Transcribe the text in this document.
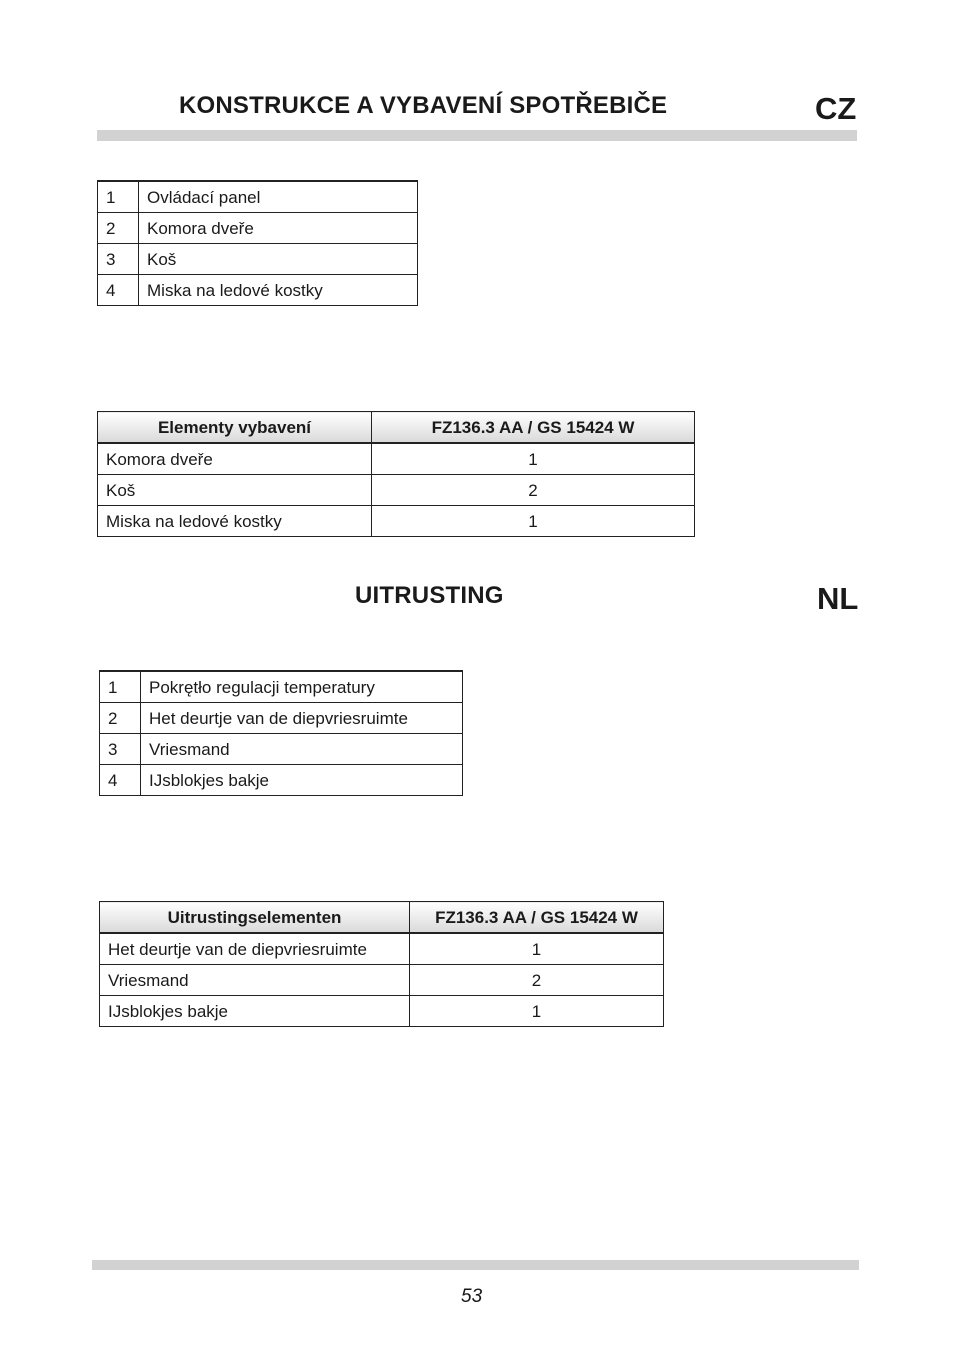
KONSTRUKCE A VYBAVENÍ SPOTŘEBIČE	CZ
1	Ovládací panel
2	Komora dveře
3	Koš
4	Miska na ledové kostky
Elementy vybavení	FZ136.3 AA / GS 15424 W
Komora dveře	1
Koš	2
Miska na ledové kostky	1
UITRUSTING	NL
1	Pokrętło regulacji temperatury
2	Het deurtje van de diepvriesruimte
3	Vriesmand
4	IJsblokjes bakje
Uitrustingselementen	FZ136.3 AA / GS 15424 W
Het deurtje van de diepvriesruimte	1
Vriesmand	2
IJsblokjes bakje	1
53
